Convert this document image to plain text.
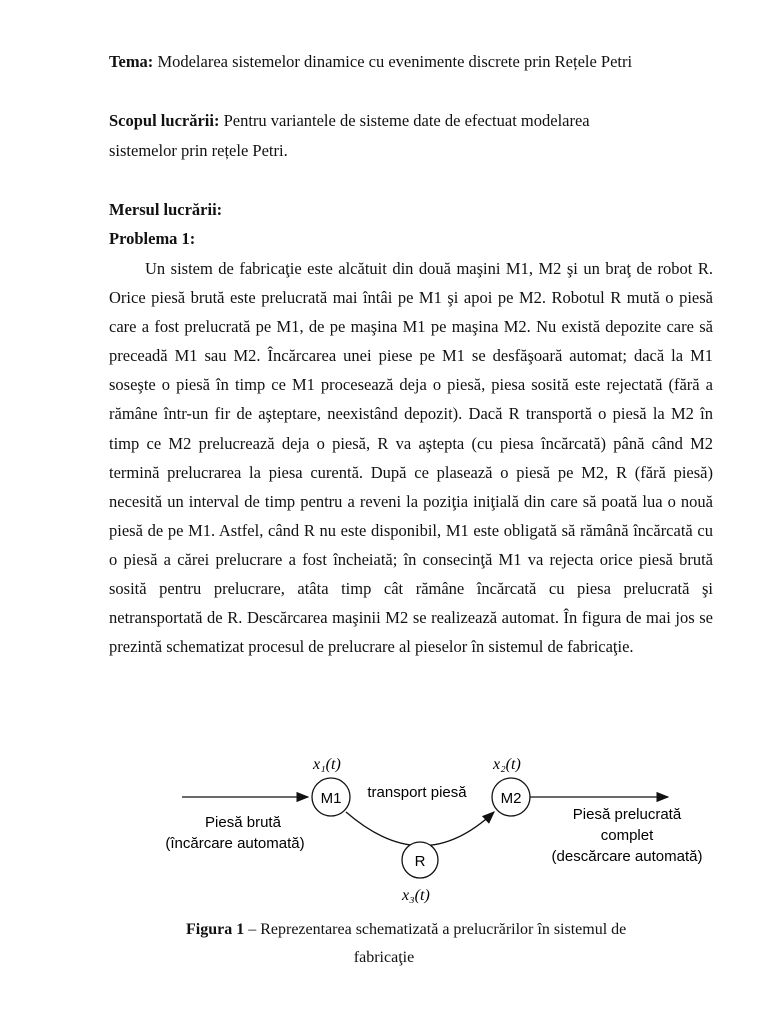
Tema: Modelarea sistemelor dinamice cu evenimente discrete prin Rețele Petri
Scopul lucrării: Pentru variantele de sisteme date de efectuat modelarea
sistemelor prin rețele Petri.
Mersul lucrării:
Problema 1:

Un sistem de fabricaţie este alcătuit din două maşini M1, M2 şi un braţ de robot R. Orice piesă brută este prelucrată mai întâi pe M1 şi apoi pe M2. Robotul R mută o piesă care a fost prelucrată pe M1, de pe maşina M1 pe maşina M2. Nu există depozite care să preceadă M1 sau M2. Încărcarea unei piese pe M1 se desfăşoară automat; dacă la M1 soseşte o piesă în timp ce M1 procesează deja o piesă, piesa sosită este rejectată (fără a rămâne într-un fir de aşteptare, neexistând depozit). Dacă R transportă o piesă la M2 în timp ce M2 prelucrează deja o piesă, R va aştepta (cu piesa încărcată) până când M2 termină prelucrarea la piesa curentă. După ce plasează o piesă pe M2, R (fără piesă) necesită un interval de timp pentru a reveni la poziţia iniţială din care să poată lua o nouă piesă de pe M1. Astfel, când R nu este disponibil, M1 este obligată să rămână încărcată cu o piesă a cărei prelucrare a fost încheiată; în consecinţă M1 va rejecta orice piesă brută sosită pentru prelucrare, atâta timp cât rămâne încărcată cu piesa prelucrată şi netransportată de R. Descărcarea maşinii M2 se realizează automat. În figura de mai jos se prezintă schematizat procesul de prelucrare al pieselor în sistemul de fabricaţie.

M1
x₁(t)
transport piesă M2
x₂(t)
Piesă brută
(încărcare automată)
Piesă prelucrată
complet
(descărcare automată)
R
x₃(t)
Figura 1 – Reprezentarea schematizată a prelucrărilor în sistemul de
fabricaţie
